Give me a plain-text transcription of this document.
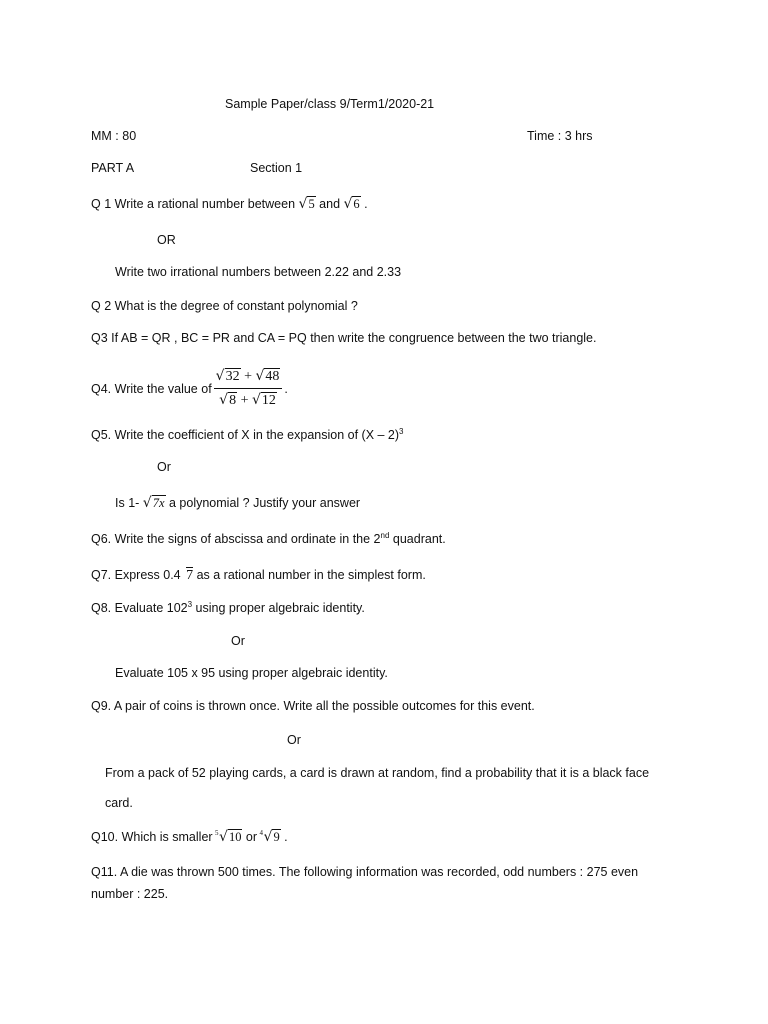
Sample Paper/class 9/Term1/2020-21
MM : 80	Time : 3 hrs
PART A	Section 1
Q 1 Write a rational number between √5 and √6 .
OR
Write two irrational numbers between 2.22 and 2.33
Q 2 What is the degree of constant polynomial ?
Q3 If AB = QR , BC = PR and CA = PQ then write the congruence between the two triangle.
Q4. Write the value of $\frac{√32 + √48}{√8 + √12}$ .
Q5. Write the coefficient of X in the expansion of (X – 2)$^3$
Or
Is 1- √7x a polynomial ? Justify your answer
Q6. Write the signs of abscissa and ordinate in the 2nd quadrant.
Q7. Express 0.4 7 as a rational number in the simplest form.
Q8. Evaluate $102^3$ using proper algebraic identity.
Or
Evaluate 105 x 95 using proper algebraic identity.
Q9. A pair of coins is thrown once. Write all the possible outcomes for this event.
Or
From a pack of 52 playing cards, a card is drawn at random, find a probability that it is a black face
card.
Q10. Which is smaller 5 √10 or 4 √9 .
Q11. A die was thrown 500 times. The following information was recorded, odd numbers : 275 even
number : 225.
